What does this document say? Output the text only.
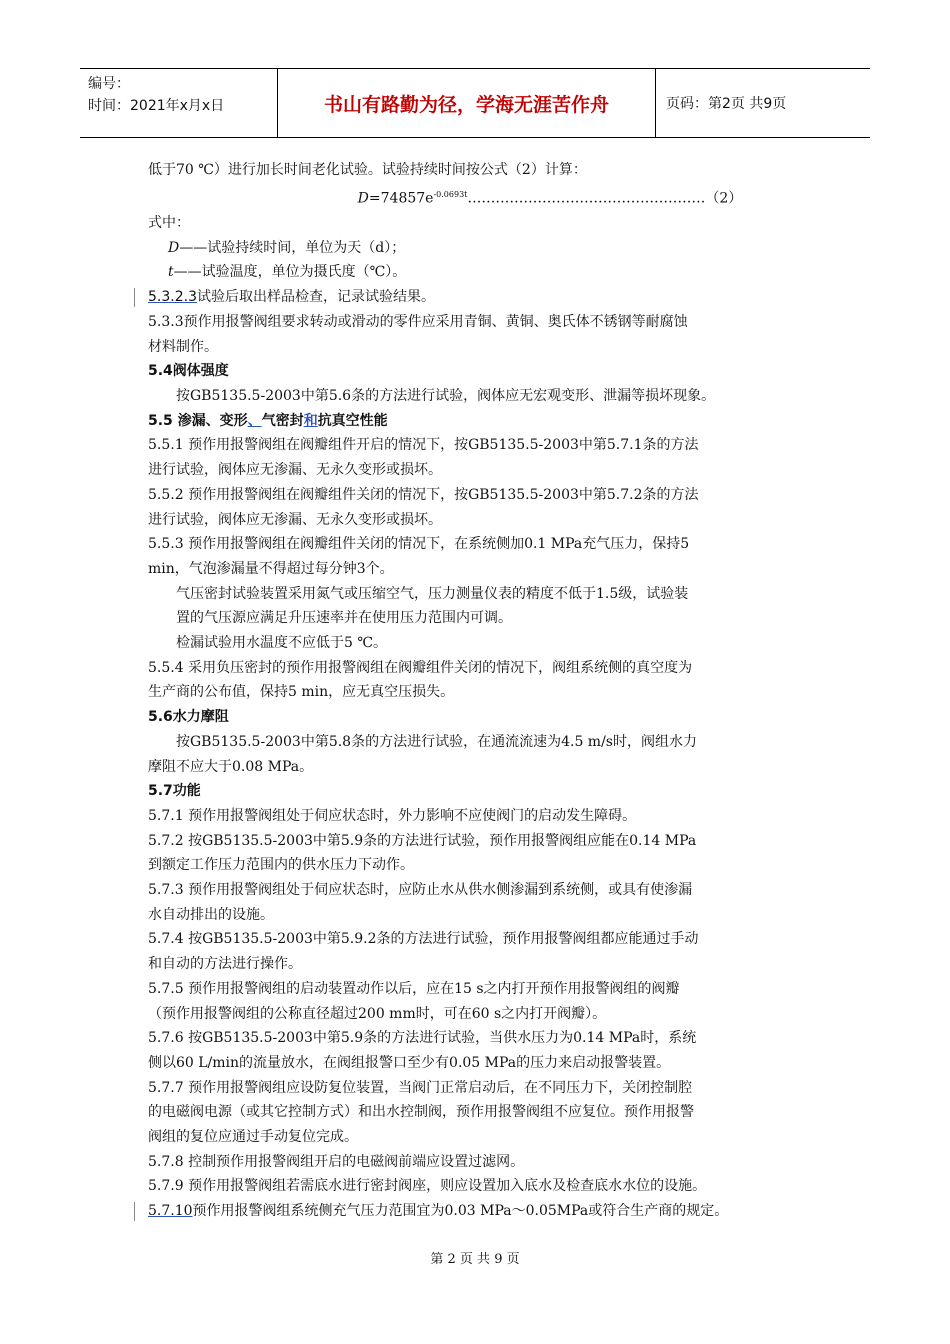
编号：
时间：2021年x月x日	书山有路勤为径，学海无涯苦作舟	页码：第2页 共9页

低于70 ℃）进行加长时间老化试验。试验持续时间按公式（2）计算：

$D=74857e^{-0.0693t}\dots\dots\dots\dots\dots\dots\dots\dots\dots\dots\dots\dots\dots\dots\dots\dots\dots(2)$

式中：

D——试验持续时间，单位为天（d）；

t——试验温度，单位为摄氏度（℃）。

5.3.2.3试验后取出样品检查，记录试验结果。

5.3.3预作用报警阀组要求转动或滑动的零件应采用青铜、黄铜、奥氏体不锈钢等耐腐蚀

材料制作。

5.4阀体强度

按GB5135.5-2003中第5.6条的方法进行试验，阀体应无宏观变形、泄漏等损坏现象。

5.5 渗漏、变形、气密封和抗真空性能

5.5.1 预作用报警阀组在阀瓣组件开启的情况下，按GB5135.5-2003中第5.7.1条的方法

进行试验，阀体应无渗漏、无永久变形或损坏。

5.5.2 预作用报警阀组在阀瓣组件关闭的情况下，按GB5135.5-2003中第5.7.2条的方法

进行试验，阀体应无渗漏、无永久变形或损坏。

5.5.3 预作用报警阀组在阀瓣组件关闭的情况下，在系统侧加0.1 MPa充气压力，保持5

min，气泡渗漏量不得超过每分钟3个。

气压密封试验装置采用氮气或压缩空气，压力测量仪表的精度不低于1.5级，试验装

置的气压源应满足升压速率并在使用压力范围内可调。

检漏试验用水温度不应低于5 ℃。

5.5.4 采用负压密封的预作用报警阀组在阀瓣组件关闭的情况下，阀组系统侧的真空度为

生产商的公布值，保持5 min，应无真空压损失。

5.6水力摩阻

按GB5135.5-2003中第5.8条的方法进行试验，在通流流速为4.5 m/s时，阀组水力

摩阻不应大于0.08 MPa。

5.7功能

5.7.1 预作用报警阀组处于伺应状态时，外力影响不应使阀门的启动发生障碍。

5.7.2 按GB5135.5-2003中第5.9条的方法进行试验，预作用报警阀组应能在0.14 MPa

到额定工作压力范围内的供水压力下动作。

5.7.3 预作用报警阀组处于伺应状态时，应防止水从供水侧渗漏到系统侧，或具有使渗漏

水自动排出的设施。

5.7.4 按GB5135.5-2003中第5.9.2条的方法进行试验，预作用报警阀组都应能通过手动

和自动的方法进行操作。

5.7.5 预作用报警阀组的启动装置动作以后，应在15 s之内打开预作用报警阀组的阀瓣

（预作用报警阀组的公称直径超过200 mm时，可在60 s之内打开阀瓣）。

5.7.6 按GB5135.5-2003中第5.9条的方法进行试验，当供水压力为0.14 MPa时，系统

侧以60 L/min的流量放水，在阀组报警口至少有0.05 MPa的压力来启动报警装置。

5.7.7 预作用报警阀组应设防复位装置，当阀门正常启动后，在不同压力下，关闭控制腔

的电磁阀电源（或其它控制方式）和出水控制阀，预作用报警阀组不应复位。预作用报警

阀组的复位应通过手动复位完成。

5.7.8 控制预作用报警阀组开启的电磁阀前端应设置过滤网。

5.7.9 预作用报警阀组若需底水进行密封阀座，则应设置加入底水及检查底水水位的设施。

5.7.10预作用报警阀组系统侧充气压力范围宜为0.03 MPa～0.05MPa或符合生产商的规定。

第 2 页 共 9 页
